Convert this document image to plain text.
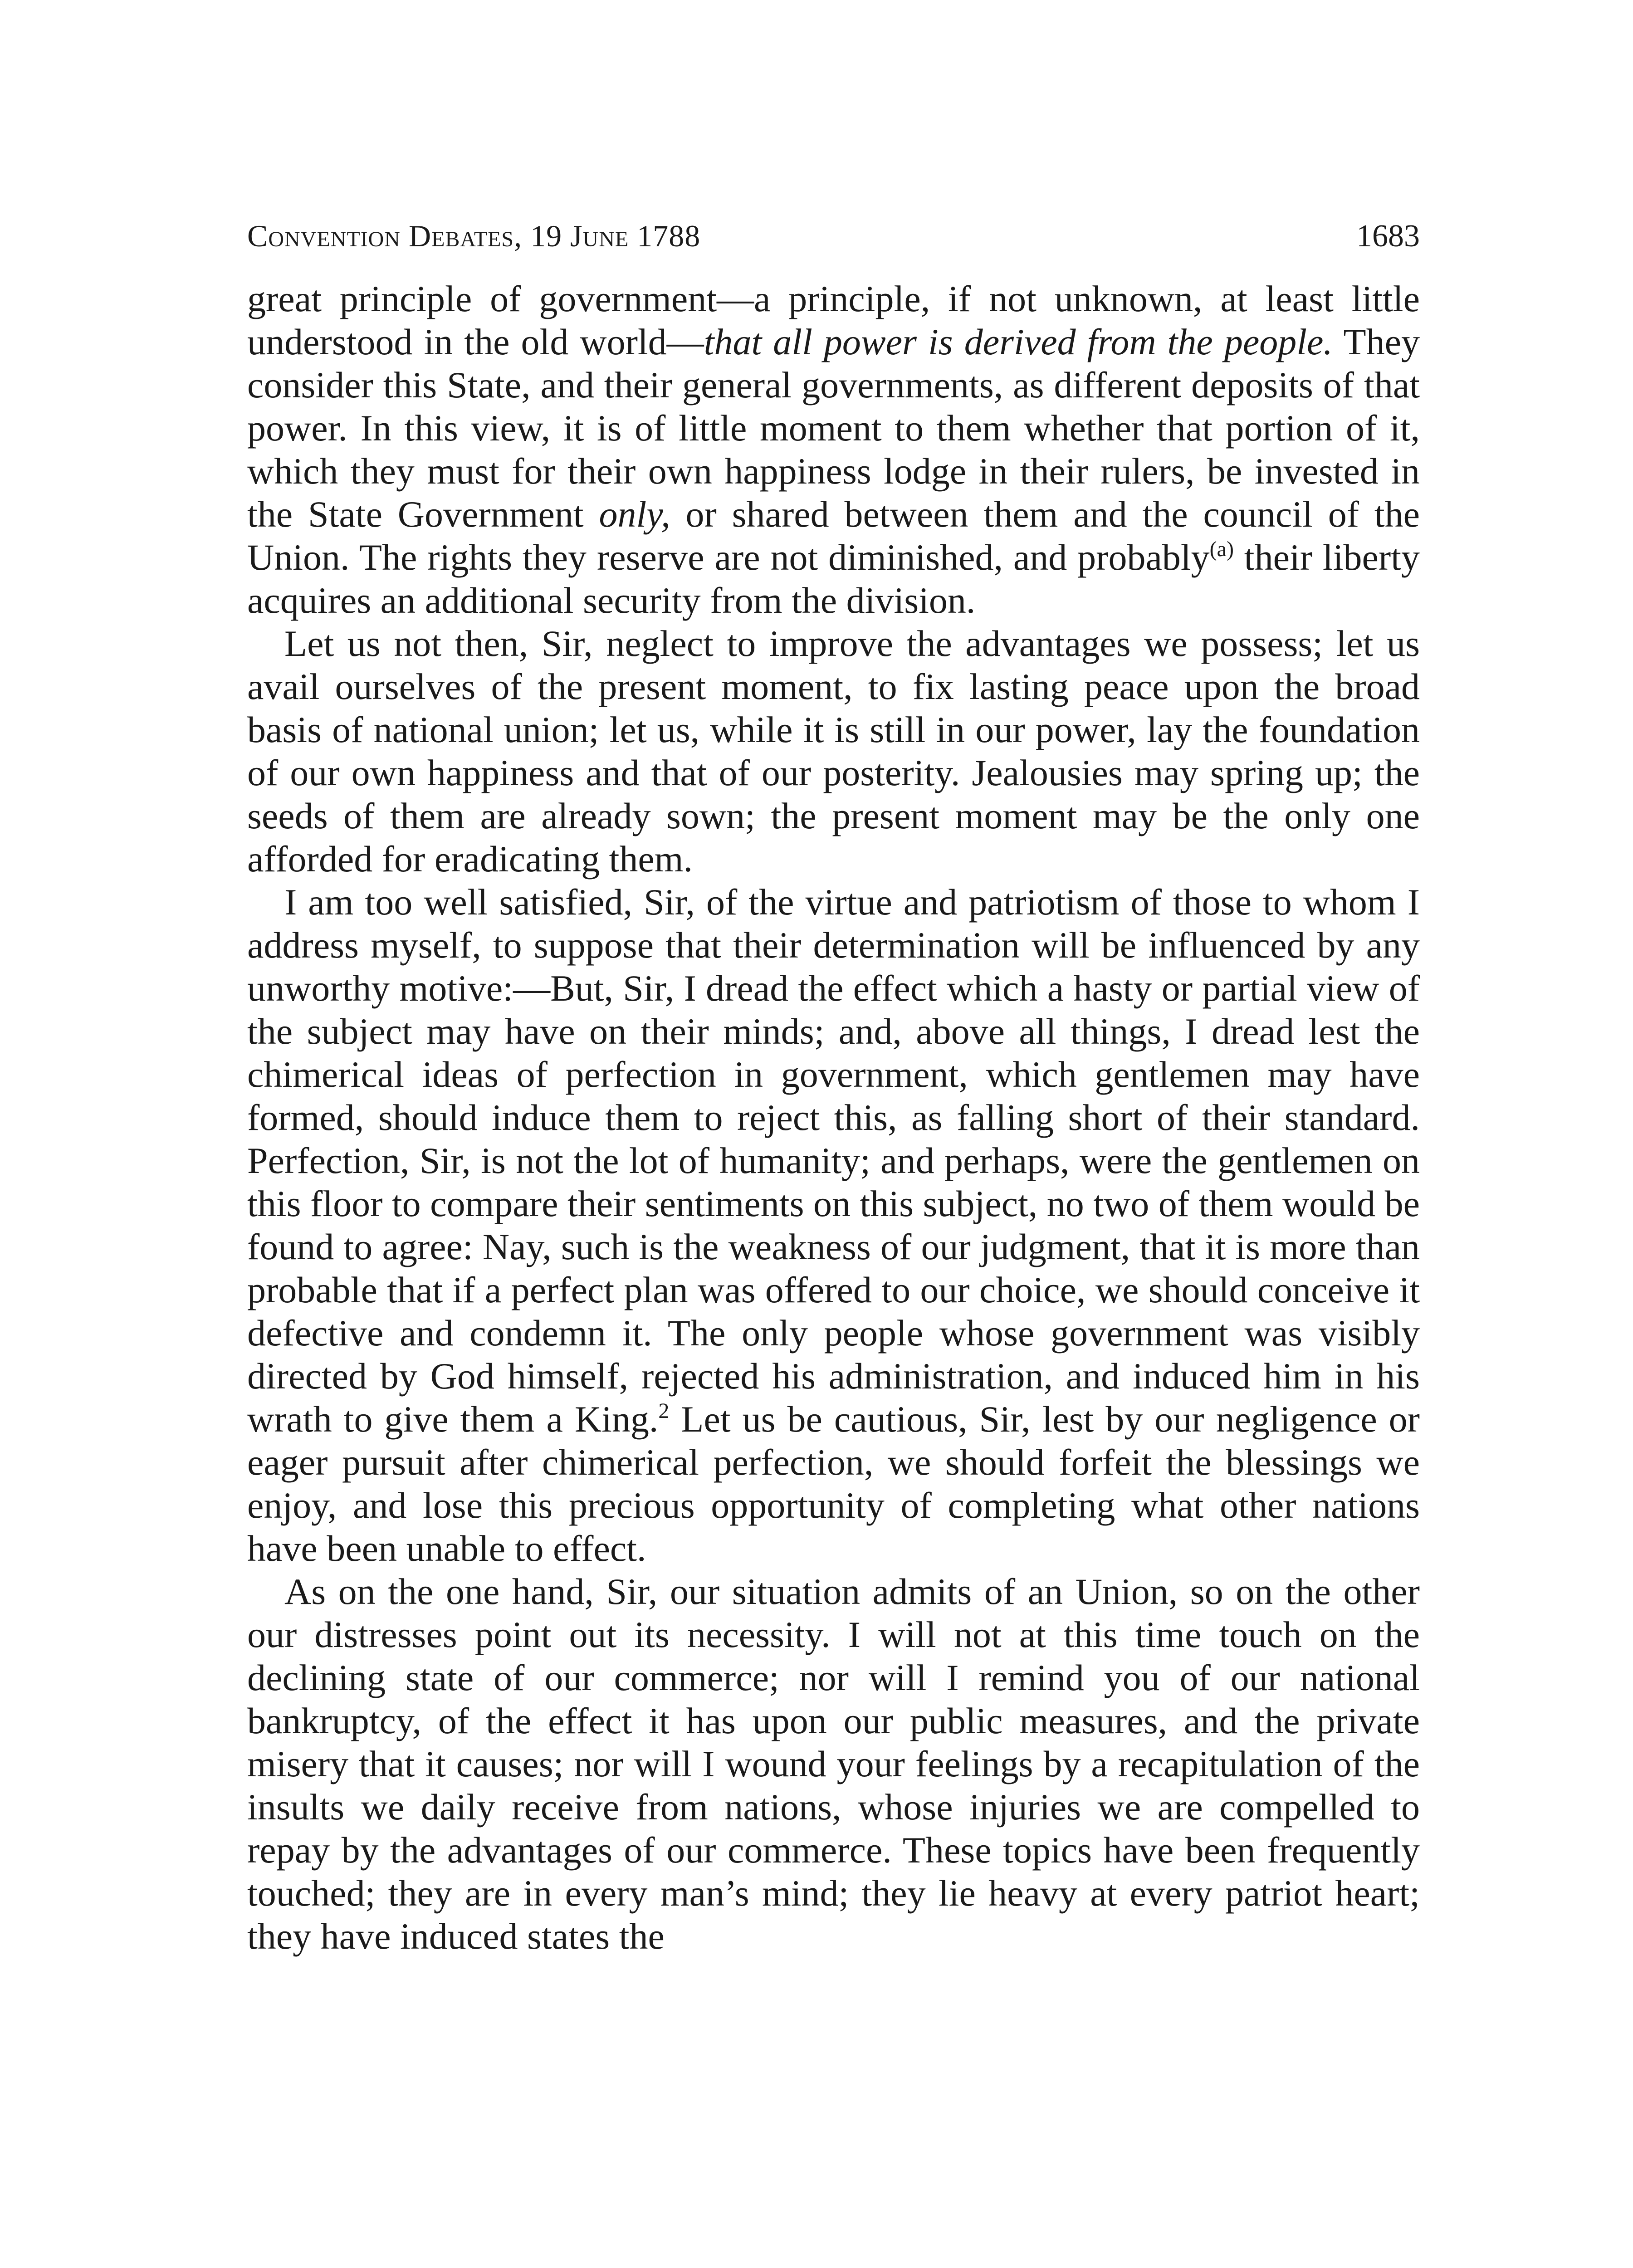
Convention Debates, 19 June 1788	1683

great principle of government—a principle, if not unknown, at least little understood in the old world—that all power is derived from the people. They consider this State, and their general governments, as different deposits of that power. In this view, it is of little moment to them whether that portion of it, which they must for their own happiness lodge in their rulers, be invested in the State Government only, or shared between them and the council of the Union. The rights they reserve are not diminished, and probably$^{(a)}$ their liberty acquires an additional security from the division.

Let us not then, Sir, neglect to improve the advantages we possess; let us avail ourselves of the present moment, to fix lasting peace upon the broad basis of national union; let us, while it is still in our power, lay the foundation of our own happiness and that of our posterity. Jealousies may spring up; the seeds of them are already sown; the present moment may be the only one afforded for eradicating them.

I am too well satisfied, Sir, of the virtue and patriotism of those to whom I address myself, to suppose that their determination will be influenced by any unworthy motive:—But, Sir, I dread the effect which a hasty or partial view of the subject may have on their minds; and, above all things, I dread lest the chimerical ideas of perfection in government, which gentlemen may have formed, should induce them to reject this, as falling short of their standard. Perfection, Sir, is not the lot of humanity; and perhaps, were the gentlemen on this floor to compare their sentiments on this subject, no two of them would be found to agree: Nay, such is the weakness of our judgment, that it is more than probable that if a perfect plan was offered to our choice, we should conceive it defective and condemn it. The only people whose government was visibly directed by God himself, rejected his administration, and induced him in his wrath to give them a King.$^2$ Let us be cautious, Sir, lest by our negligence or eager pursuit after chimerical perfection, we should forfeit the blessings we enjoy, and lose this precious opportunity of completing what other nations have been unable to effect.

As on the one hand, Sir, our situation admits of an Union, so on the other our distresses point out its necessity. I will not at this time touch on the declining state of our commerce; nor will I remind you of our national bankruptcy, of the effect it has upon our public measures, and the private misery that it causes; nor will I wound your feelings by a recapitulation of the insults we daily receive from nations, whose injuries we are compelled to repay by the advantages of our commerce. These topics have been frequently touched; they are in every man’s mind; they lie heavy at every patriot heart; they have induced states the
